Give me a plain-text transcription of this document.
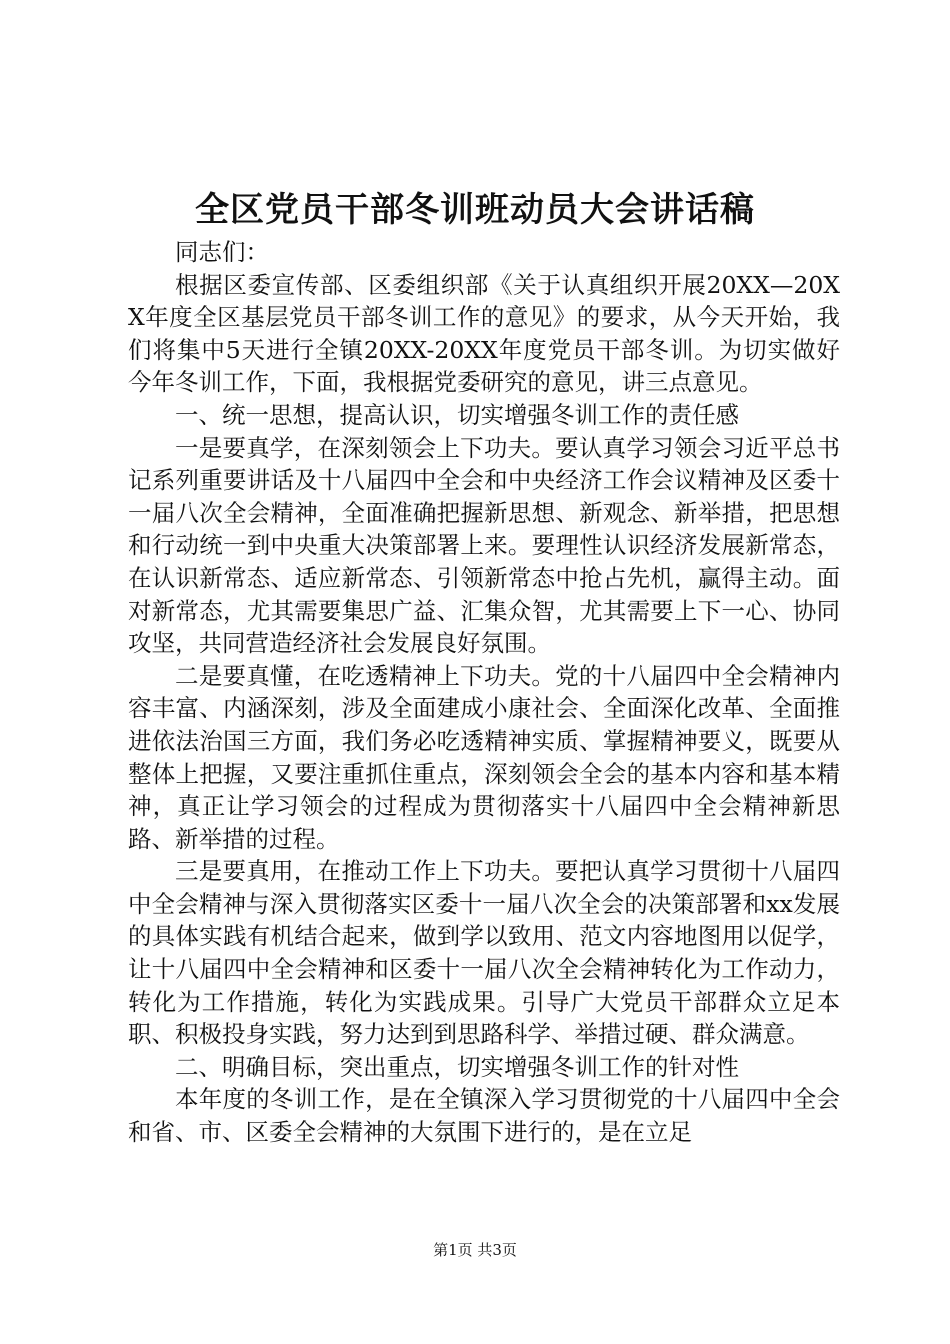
全区党员干部冬训班动员大会讲话稿

同志们：

根据区委宣传部、区委组织部《关于认真组织开展20XX—20XX年度全区基层党员干部冬训工作的意见》的要求，从今天开始，我们将集中5天进行全镇20XX-20XX年度党员干部冬训。为切实做好今年冬训工作，下面，我根据党委研究的意见，讲三点意见。

一、统一思想，提高认识，切实增强冬训工作的责任感

一是要真学，在深刻领会上下功夫。要认真学习领会习近平总书记系列重要讲话及十八届四中全会和中央经济工作会议精神及区委十一届八次全会精神，全面准确把握新思想、新观念、新举措，把思想和行动统一到中央重大决策部署上来。要理性认识经济发展新常态，在认识新常态、适应新常态、引领新常态中抢占先机，赢得主动。面对新常态，尤其需要集思广益、汇集众智，尤其需要上下一心、协同攻坚，共同营造经济社会发展良好氛围。

二是要真懂，在吃透精神上下功夫。党的十八届四中全会精神内容丰富、内涵深刻，涉及全面建成小康社会、全面深化改革、全面推进依法治国三方面，我们务必吃透精神实质、掌握精神要义，既要从整体上把握，又要注重抓住重点，深刻领会全会的基本内容和基本精神，真正让学习领会的过程成为贯彻落实十八届四中全会精神新思路、新举措的过程。

三是要真用，在推动工作上下功夫。要把认真学习贯彻十八届四中全会精神与深入贯彻落实区委十一届八次全会的决策部署和xx发展的具体实践有机结合起来，做到学以致用、范文内容地图用以促学，让十八届四中全会精神和区委十一届八次全会精神转化为工作动力，转化为工作措施，转化为实践成果。引导广大党员干部群众立足本职、积极投身实践，努力达到到思路科学、举措过硬、群众满意。

二、明确目标，突出重点，切实增强冬训工作的针对性

本年度的冬训工作，是在全镇深入学习贯彻党的十八届四中全会和省、市、区委全会精神的大氛围下进行的，是在立足

第1页 共3页
